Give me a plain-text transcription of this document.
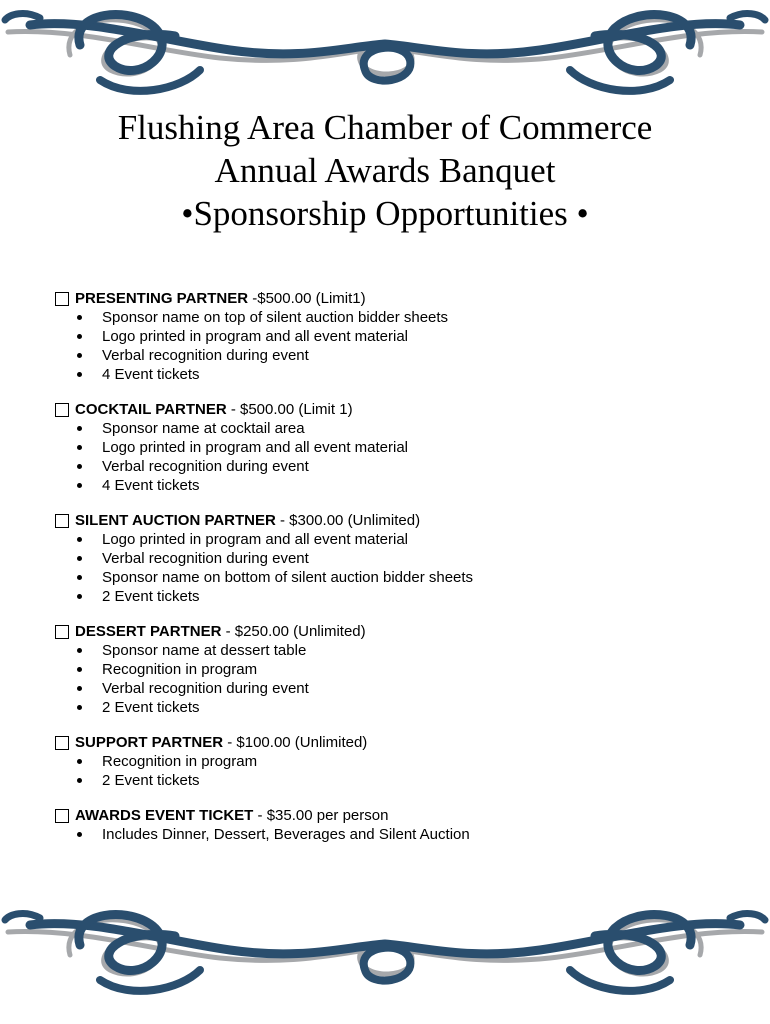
Flushing Area Chamber of Commerce
Annual Awards Banquet
•Sponsorship Opportunities •
PRESENTING PARTNER -$500.00 (Limit1)
Sponsor name on top of silent auction bidder sheets
Logo printed in program and all event material
Verbal recognition during event
4 Event tickets
COCKTAIL PARTNER - $500.00 (Limit 1)
Sponsor name at cocktail area
Logo printed in program and all event material
Verbal recognition during event
4 Event tickets
SILENT AUCTION PARTNER - $300.00 (Unlimited)
Logo printed in program and all event material
Verbal recognition during event
Sponsor name on bottom of silent auction bidder sheets
2 Event tickets
DESSERT PARTNER - $250.00 (Unlimited)
Sponsor name at dessert table
Recognition in program
Verbal recognition during event
2 Event tickets
SUPPORT PARTNER - $100.00 (Unlimited)
Recognition in program
2 Event tickets
AWARDS EVENT TICKET - $35.00 per person
Includes Dinner, Dessert, Beverages and Silent Auction
